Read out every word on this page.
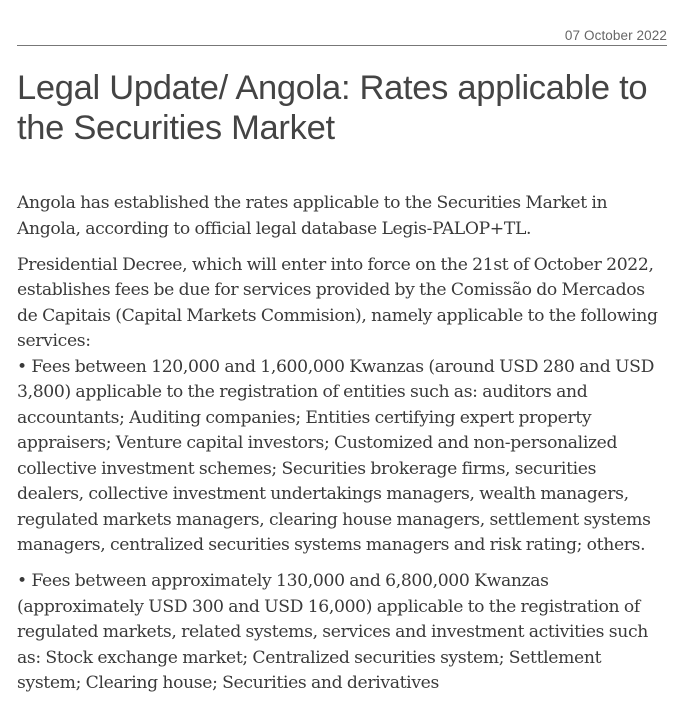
07 October 2022
Legal Update/ Angola: Rates applicable to the Securities Market

Angola has established the rates applicable to the Securities Market in Angola, according to official legal database Legis-PALOP+TL.

Presidential Decree, which will enter into force on the 21st of October 2022, establishes fees be due for services provided by the Comissão do Mercados de Capitais (Capital Markets Commision), namely applicable to the following services:
• Fees between 120,000 and 1,600,000 Kwanzas (around USD 280 and USD 3,800) applicable to the registration of entities such as: auditors and accountants; Auditing companies; Entities certifying expert property appraisers; Venture capital investors; Customized and non-personalized collective investment schemes; Securities brokerage firms, securities dealers, collective investment undertakings managers, wealth managers, regulated markets managers, clearing house managers, settlement systems managers, centralized securities systems managers and risk rating; others.

• Fees between approximately 130,000 and 6,800,000 Kwanzas (approximately USD 300 and USD 16,000) applicable to the registration of regulated markets, related systems, services and investment activities such as: Stock exchange market; Centralized securities system; Settlement system; Clearing house; Securities and derivatives
